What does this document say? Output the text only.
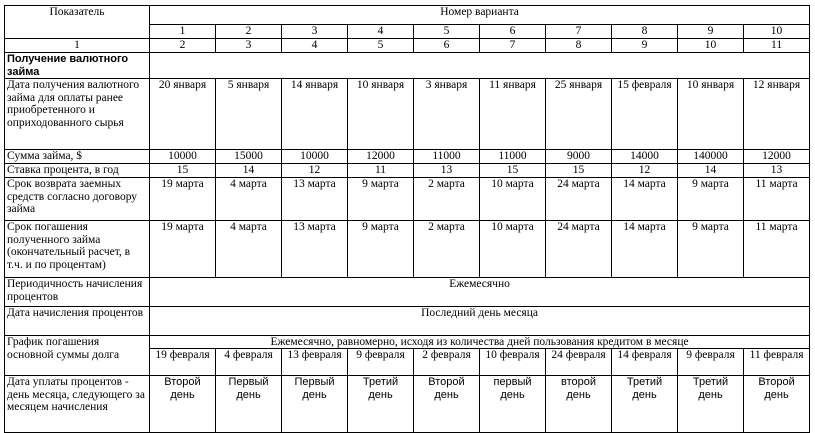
Показатель	Номер варианта									
	1	2	3	4	5	6	7	8	9	10
1	2	3	4	5	6	7	8	9	10	11
Получение валютного займа										
Дата получения валютного займа для оплаты ранее приобретенного и оприходованного сырья	20 января	5 января	14 января	10 января	3 января	11 января	25 января	15 февраля	10 января	12 января
Сумма займа, $	10000	15000	10000	12000	11000	11000	9000	14000	140000	12000
Ставка процента, в год	15	14	12	11	13	15	15	12	14	13
Срок возврата заемных средств согласно договору займа	19 марта	4 марта	13 марта	9 марта	2 марта	10 марта	24 марта	14 марта	9 марта	11 марта
Срок погашения полученного займа (окончательный расчет, в т.ч. и по процентам)	19 марта	4 марта	13 марта	9 марта	2 марта	10 марта	24 марта	14 марта	9 марта	11 марта
Периодичность начисления процентов	Ежемесячно									
Дата начисления процентов	Последний день месяца									
График погашения основной суммы долга	Ежемесячно, равномерно, исходя из количества дней пользования кредитом в месяце									
	19 февраля	4 февраля	13 февраля	9 февраля	2 февраля	10 февраля	24 февраля	14 февраля	9 февраля	11 февраля
Дата уплаты процентов - день месяца, следующего за месяцем начисления	Второй день	Первый день	Первый день	Третий день	Второй день	первый день	второй день	Третий день	Третий день	Второй день
